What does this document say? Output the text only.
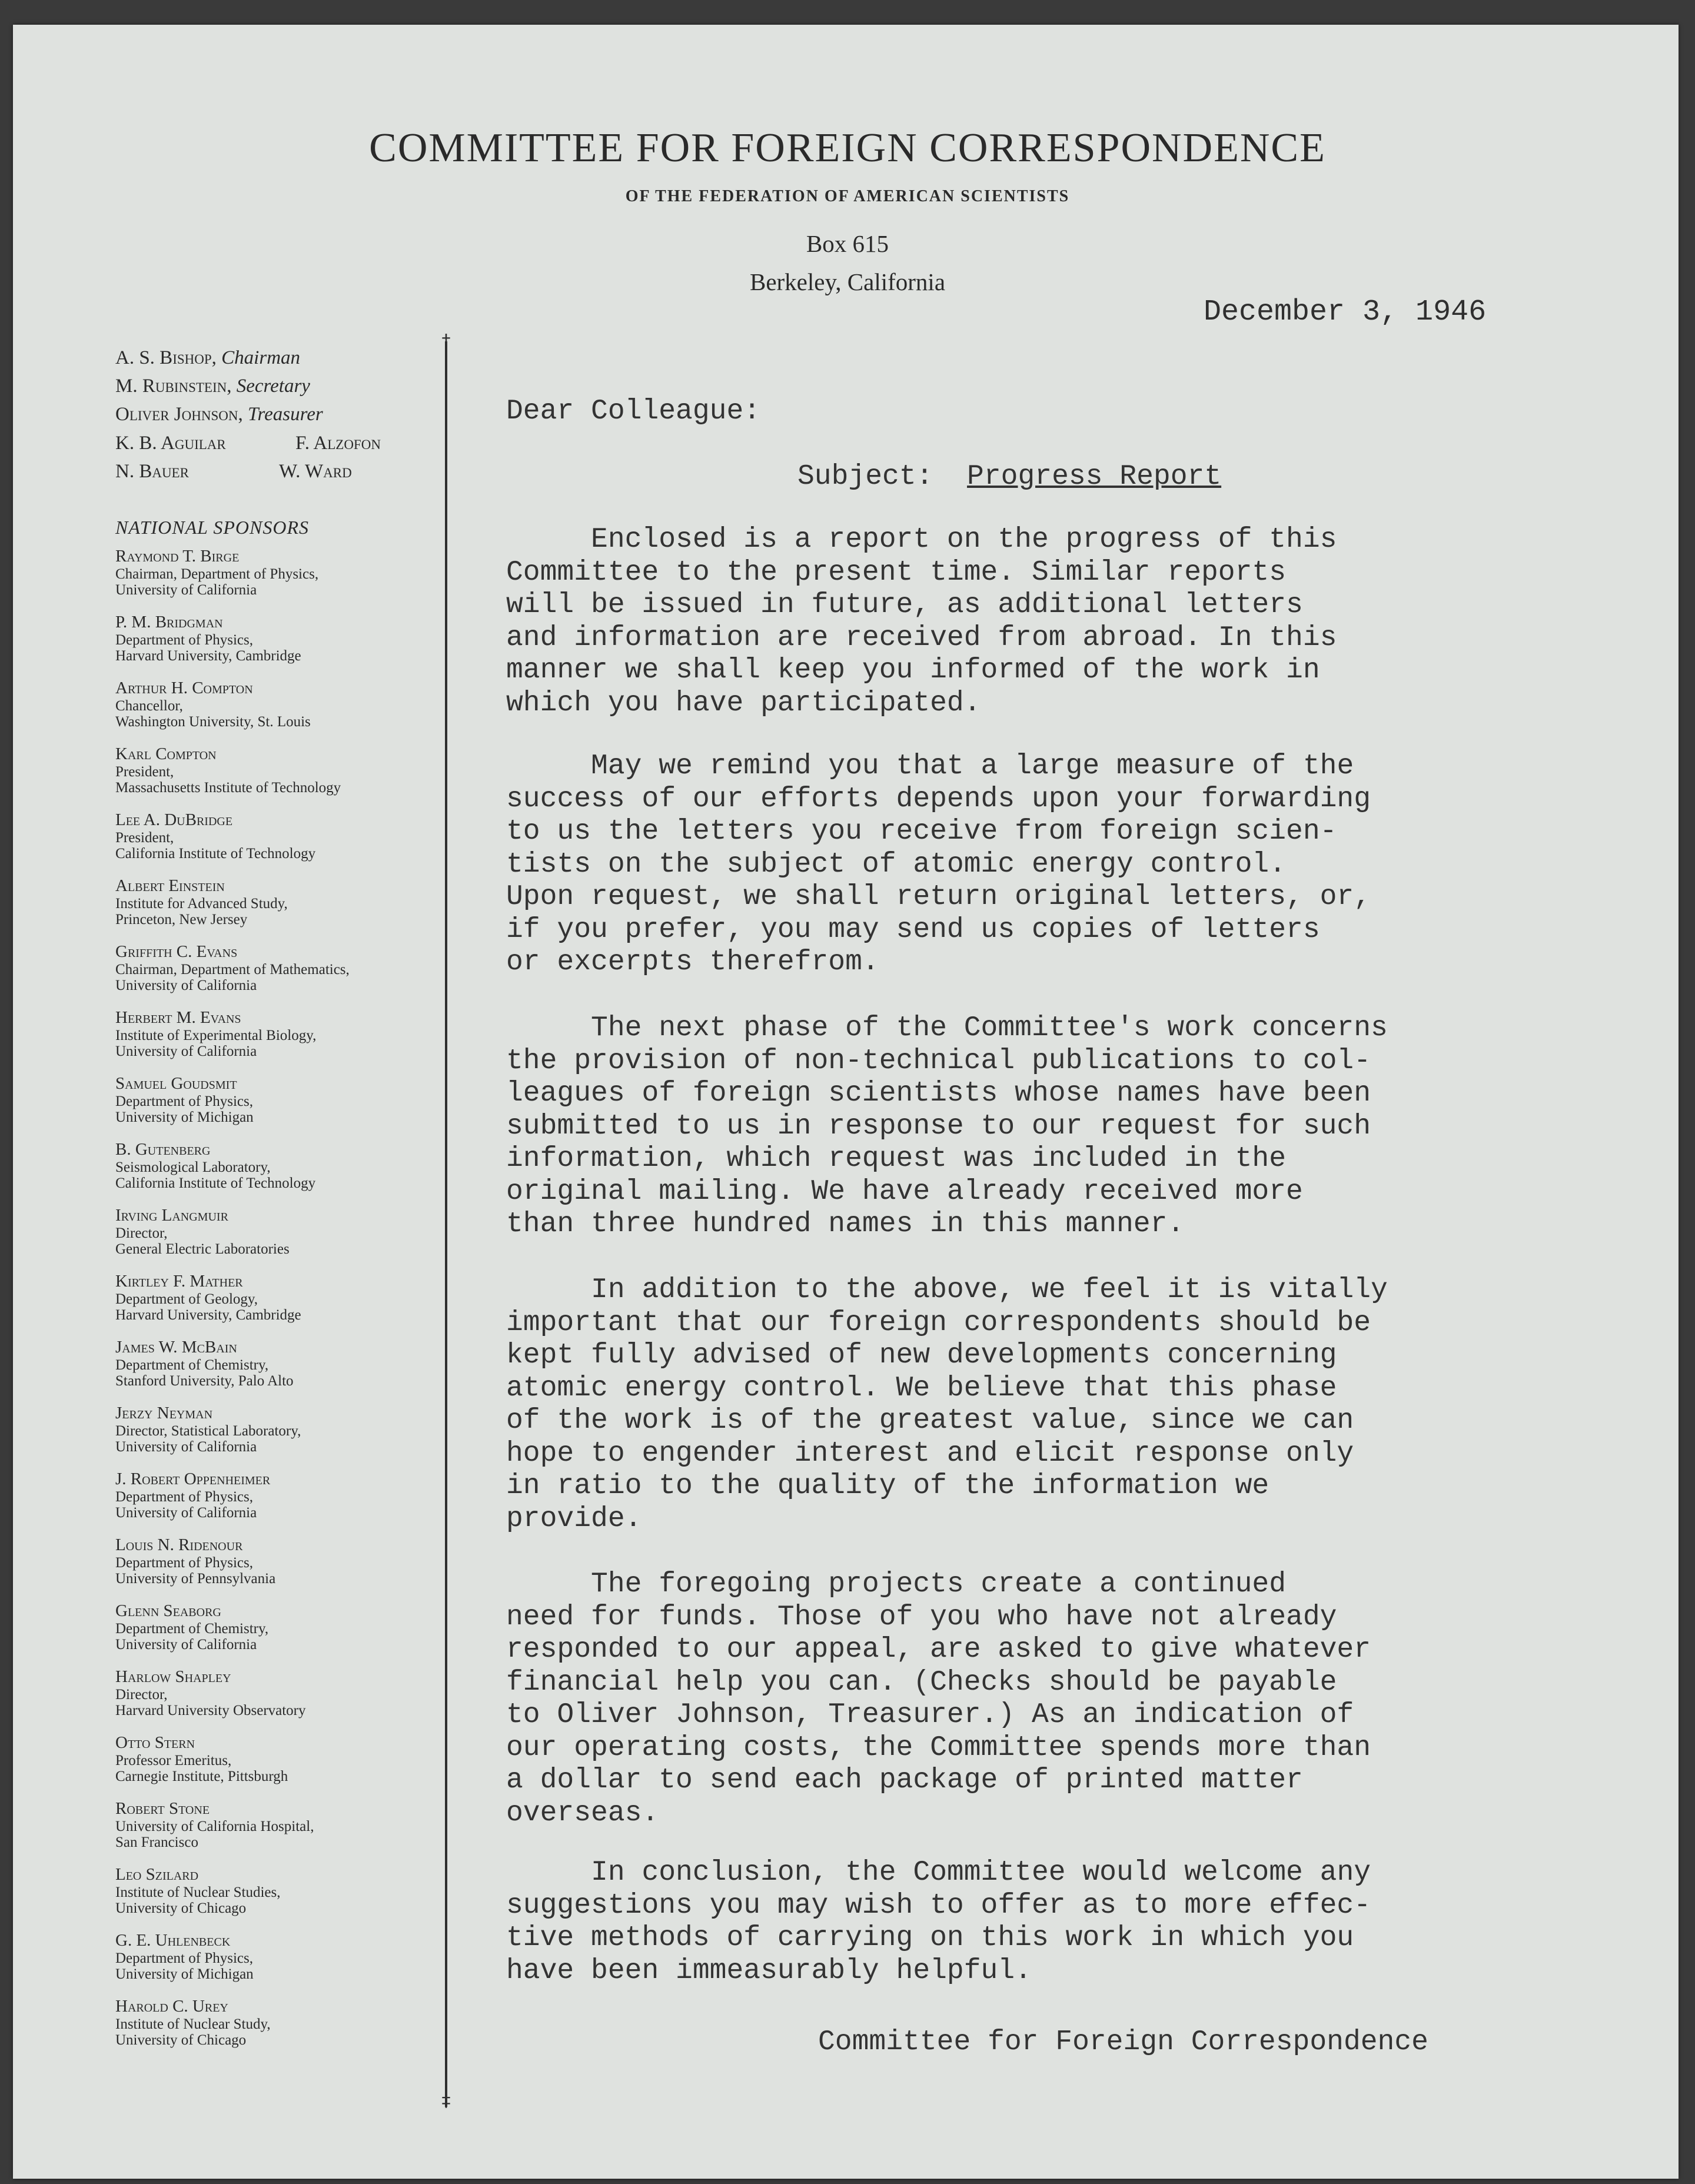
COMMITTEE FOR FOREIGN CORRESPONDENCE
OF THE FEDERATION OF AMERICAN SCIENTISTS
Box 615
Berkeley, California
December 3, 1946
†
‡
A. S. Bishop, Chairman
M. Rubinstein, Secretary
Oliver Johnson, Treasurer
K. B. Aguilar	F. Alzofon
N. Bauer	W. Ward
NATIONAL SPONSORS
Raymond T. Birge
Chairman, Department of Physics,
University of California
P. M. Bridgman
Department of Physics,
Harvard University, Cambridge
Arthur H. Compton
Chancellor,
Washington University, St. Louis
Karl Compton
President,
Massachusetts Institute of Technology
Lee A. DuBridge
President,
California Institute of Technology
Albert Einstein
Institute for Advanced Study,
Princeton, New Jersey
Griffith C. Evans
Chairman, Department of Mathematics,
University of California
Herbert M. Evans
Institute of Experimental Biology,
University of California
Samuel Goudsmit
Department of Physics,
University of Michigan
B. Gutenberg
Seismological Laboratory,
California Institute of Technology
Irving Langmuir
Director,
General Electric Laboratories
Kirtley F. Mather
Department of Geology,
Harvard University, Cambridge
James W. McBain
Department of Chemistry,
Stanford University, Palo Alto
Jerzy Neyman
Director, Statistical Laboratory,
University of California
J. Robert Oppenheimer
Department of Physics,
University of California
Louis N. Ridenour
Department of Physics,
University of Pennsylvania
Glenn Seaborg
Department of Chemistry,
University of California
Harlow Shapley
Director,
Harvard University Observatory
Otto Stern
Professor Emeritus,
Carnegie Institute, Pittsburgh
Robert Stone
University of California Hospital,
San Francisco
Leo Szilard
Institute of Nuclear Studies,
University of Chicago
G. E. Uhlenbeck
Department of Physics,
University of Michigan
Harold C. Urey
Institute of Nuclear Study,
University of Chicago
Dear Colleague:
Subject: Progress Report
Enclosed is a report on the progress of this
Committee to the present time. Similar reports
will be issued in future, as additional letters
and information are received from abroad. In this
manner we shall keep you informed of the work in
which you have participated.
May we remind you that a large measure of the
success of our efforts depends upon your forwarding
to us the letters you receive from foreign scien-
tists on the subject of atomic energy control.
Upon request, we shall return original letters, or,
if you prefer, you may send us copies of letters
or excerpts therefrom.
The next phase of the Committee's work concerns
the provision of non-technical publications to col-
leagues of foreign scientists whose names have been
submitted to us in response to our request for such
information, which request was included in the
original mailing. We have already received more
than three hundred names in this manner.
In addition to the above, we feel it is vitally
important that our foreign correspondents should be
kept fully advised of new developments concerning
atomic energy control. We believe that this phase
of the work is of the greatest value, since we can
hope to engender interest and elicit response only
in ratio to the quality of the information we
provide.
The foregoing projects create a continued
need for funds. Those of you who have not already
responded to our appeal, are asked to give whatever
financial help you can. (Checks should be payable
to Oliver Johnson, Treasurer.) As an indication of
our operating costs, the Committee spends more than
a dollar to send each package of printed matter
overseas.
In conclusion, the Committee would welcome any
suggestions you may wish to offer as to more effec-
tive methods of carrying on this work in which you
have been immeasurably helpful.
Committee for Foreign Correspondence
